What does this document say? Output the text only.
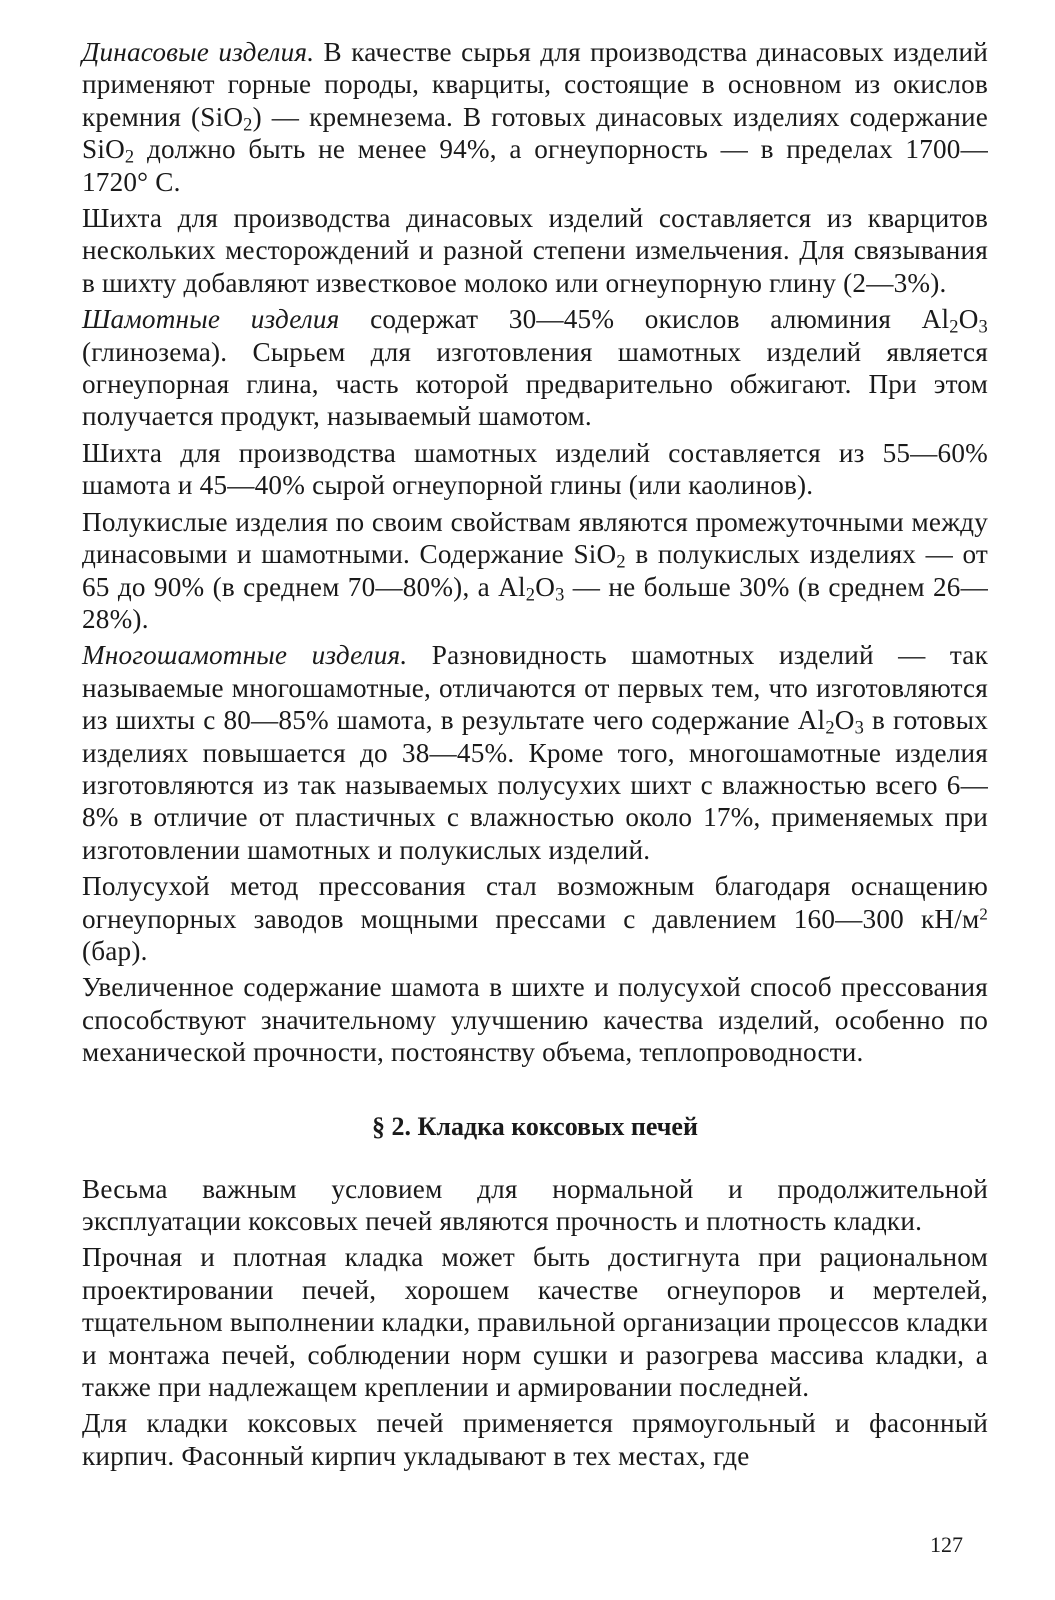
Динасовые изделия. В качестве сырья для производства динасовых изделий применяют горные породы, кварциты, состоящие в основном из окислов кремния (SiO$_2$) — кремнезема. В готовых динасовых изделиях содержание SiO$_2$ должно быть не менее 94%, а огнеупорность — в пределах 1700—1720° С.

Шихта для производства динасовых изделий составляется из кварцитов нескольких месторождений и разной степени измельчения. Для связывания в шихту добавляют известковое молоко или огнеупорную глину (2—3%).

Шамотные изделия содержат 30—45% окислов алюминия $Al_2O_3$ (глинозема). Сырьем для изготовления шамотных изделий является огнеупорная глина, часть которой предварительно обжигают. При этом получается продукт, называемый шамотом.

Шихта для производства шамотных изделий составляется из 55—60% шамота и 45—40% сырой огнеупорной глины (или каолинов).

Полукислые изделия по своим свойствам являются промежуточными между динасовыми и шамотными. Содержание SiO$_2$ в полукислых изделиях — от 65 до 90% (в среднем 70—80%), а $Al_2O_3$ — не больше 30% (в среднем 26—28%).

Многошамотные изделия. Разновидность шамотных изделий — так называемые многошамотные, отличаются от первых тем, что изготовляются из шихты с 80—85% шамота, в результате чего содержание $Al_2O_3$ в готовых изделиях повышается до 38—45%. Кроме того, многошамотные изделия изготовляются из так называемых полусухих шихт с влажностью всего 6—8% в отличие от пластичных с влажностью около 17%, применяемых при изготовлении шамотных и полукислых изделий.

Полусухой метод прессования стал возможным благодаря оснащению огнеупорных заводов мощными прессами с давлением 160—300 $кН/м^2$ (бар).

Увеличенное содержание шамота в шихте и полусухой способ прессования способствуют значительному улучшению качества изделий, особенно по механической прочности, постоянству объема, теплопроводности.

§ 2. Кладка коксовых печей

Весьма важным условием для нормальной и продолжительной эксплуатации коксовых печей являются прочность и плотность кладки.

Прочная и плотная кладка может быть достигнута при рациональном проектировании печей, хорошем качестве огнеупоров и мертелей, тщательном выполнении кладки, правильной организации процессов кладки и монтажа печей, соблюдении норм сушки и разогрева массива кладки, а также при надлежащем креплении и армировании последней.

Для кладки коксовых печей применяется прямоугольный и фасонный кирпич. Фасонный кирпич укладывают в тех местах, где

127
